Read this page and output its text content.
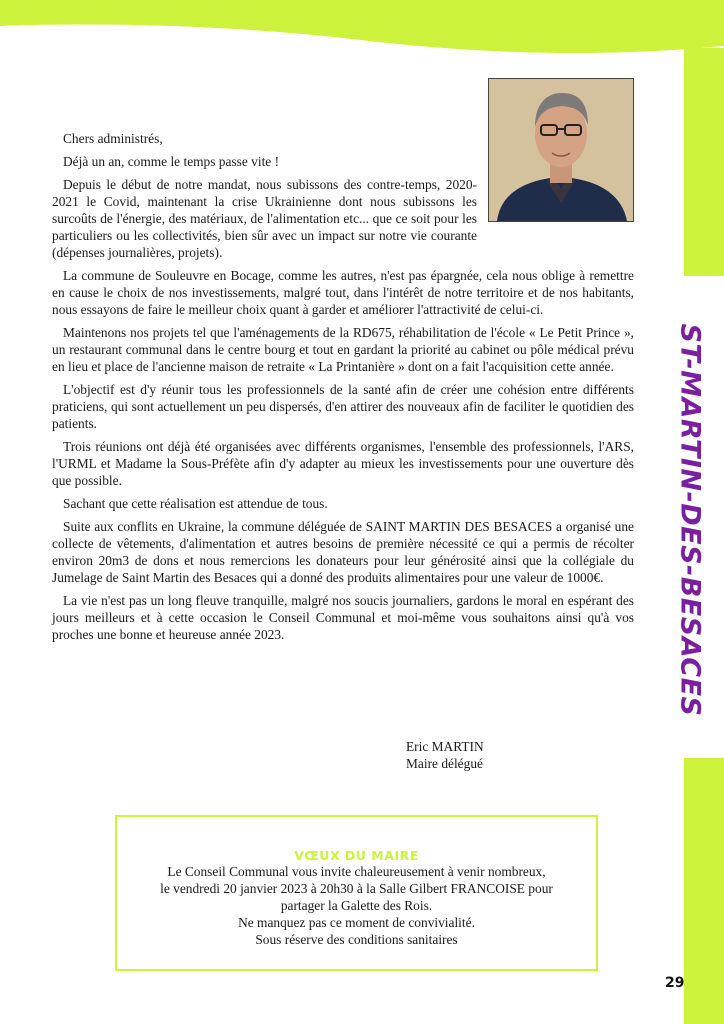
ST-MARTIN-DES-BESACES

Chers administrés,

Déjà un an, comme le temps passe vite !

Depuis le début de notre mandat, nous subissons des contre-temps, 2020-2021 le Covid, maintenant la crise Ukrainienne dont nous subissons les surcoûts de l'énergie, des matériaux, de l'alimentation etc... que ce soit pour les particuliers ou les collectivités, bien sûr avec un impact sur notre vie courante (dépenses journalières, projets).

La commune de Souleuvre en Bocage, comme les autres, n'est pas épargnée, cela nous oblige à remettre en cause le choix de nos investissements, malgré tout, dans l'intérêt de notre territoire et de nos habitants, nous essayons de faire le meilleur choix quant à garder et améliorer l'attractivité de celui-ci.

Maintenons nos projets tel que l'aménagements de la RD675, réhabilitation de l'école « Le Petit Prince », un restaurant communal dans le centre bourg et tout en gardant la priorité au cabinet ou pôle médical prévu en lieu et place de l'ancienne maison de retraite « La Printanière » dont on a fait l'acquisition cette année.

L'objectif est d'y réunir tous les professionnels de la santé afin de créer une cohésion entre différents praticiens, qui sont actuellement un peu dispersés, d'en attirer des nouveaux afin de faciliter le quotidien des patients.

Trois réunions ont déjà été organisées avec différents organismes, l'ensemble des professionnels, l'ARS, l'URML et Madame la Sous-Préfète afin d'y adapter au mieux les investissements pour une ouverture dès que possible.

Sachant que cette réalisation est attendue de tous.

Suite aux conflits en Ukraine, la commune déléguée de SAINT MARTIN DES BESACES a organisé une collecte de vêtements, d'alimentation et autres besoins de première nécessité ce qui a permis de récolter environ 20m3 de dons et nous remercions les donateurs pour leur générosité ainsi que la collégiale du Jumelage de Saint Martin des Besaces qui a donné des produits alimentaires pour une valeur de 1000€.

La vie n'est pas un long fleuve tranquille, malgré nos soucis journaliers, gardons le moral en espérant des jours meilleurs et à cette occasion le Conseil Communal et moi-même vous souhaitons ainsi qu'à vos proches une bonne et heureuse année 2023.

Eric MARTIN
Maire délégué
VŒUX DU MAIRE
Le Conseil Communal vous invite chaleureusement à venir nombreux,
le vendredi 20 janvier 2023 à 20h30 à la Salle Gilbert FRANCOISE pour
partager la Galette des Rois.
Ne manquez pas ce moment de convivialité.
Sous réserve des conditions sanitaires
29
